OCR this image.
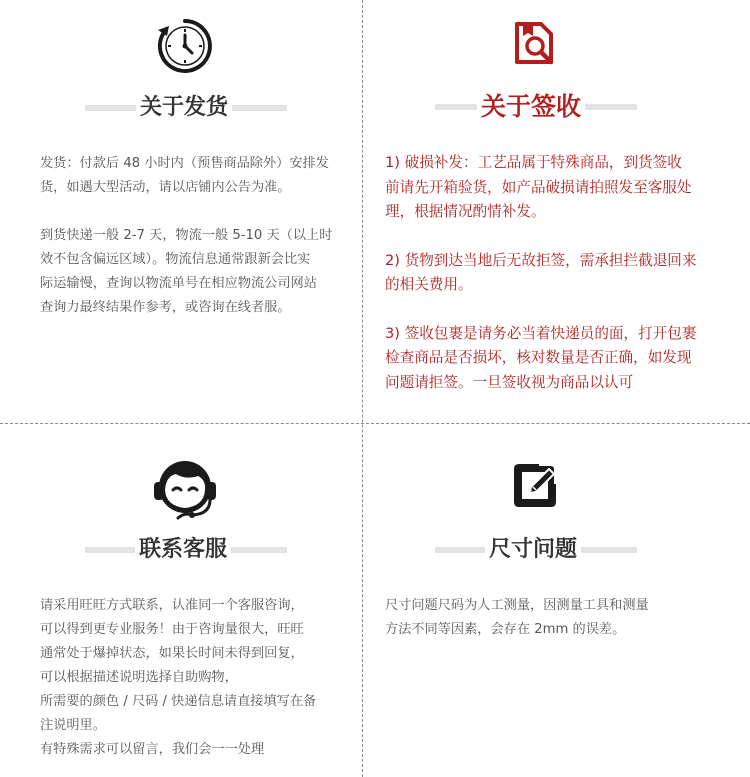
关于发货
发货：付款后 48 小时内（预售商品除外）安排发
货，如遇大型活动，请以店铺内公告为准。
到货快递一般 2-7 天，物流一般 5-10 天（以上时
效不包含偏远区域）。物流信息通常跟新会比实
际运输慢，查询以物流单号在相应物流公司网站
查询力最终结果作参考，或咨询在线者服。
关于签收
1) 破损补发：工艺品属于特殊商品，到货签收
前请先开箱验货，如产品破损请拍照发至客服处
理，根据情况酌情补发。
2) 货物到达当地后无故拒签，需承担拦截退回来
的相关费用。
3) 签收包裹是请务必当着快递员的面，打开包裹
检查商品是否损坏，核对数量是否正确，如发现
问题请拒签。一旦签收视为商品以认可
联系客服
请采用旺旺方式联系，认准同一个客服咨询，
可以得到更专业服务！由于咨询量很大，旺旺
通常处于爆掉状态，如果长时间未得到回复，
可以根据描述说明选择自助购物，
所需要的颜色 / 尺码 / 快递信息请直接填写在备
注说明里。
有特殊需求可以留言，我们会一一处理
尺寸问题
尺寸问题尺码为人工测量，因测量工具和测量
方法不同等因素，会存在 2mm 的误差。
